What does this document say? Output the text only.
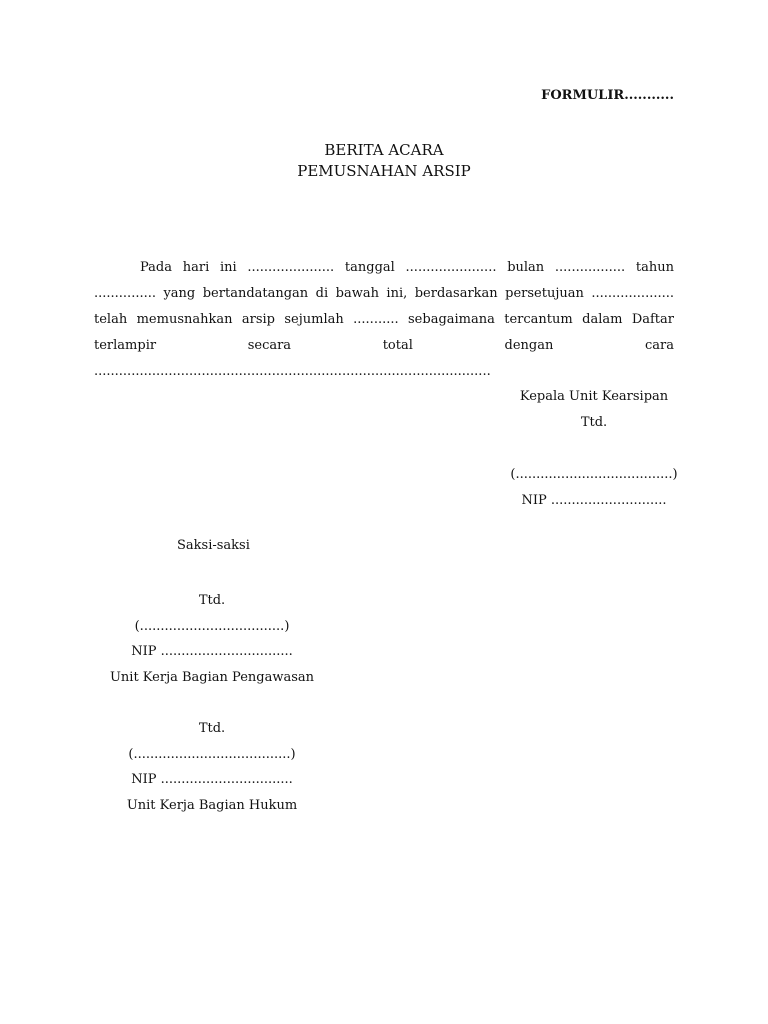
FORMULIR...........
BERITA ACARA
PEMUSNAHAN ARSIP
Pada hari ini ..................... tanggal ...................... bulan ................. tahun ............... yang bertandatangan di bawah ini, berdasarkan persetujuan .................... telah memusnahkan arsip sejumlah ........... sebagaimana tercantum dalam Daftar terlampir secara total dengan cara ................................................................................................
Kepala Unit Kearsipan
Ttd.
(......................................)
NIP ............................
Saksi-saksi
Ttd.
(...................................)
NIP ................................
Unit Kerja Bagian Pengawasan
Ttd.
(......................................)
NIP ................................
Unit Kerja Bagian Hukum
